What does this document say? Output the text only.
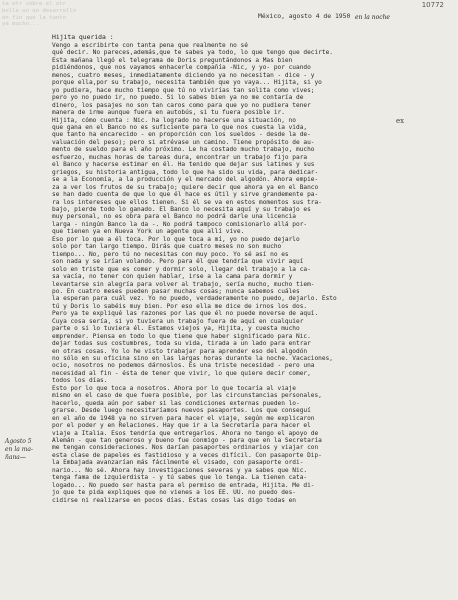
ta otr sobre el otr
bolle un un desarrollo
en fin que la tanto
ya mucho...
10772
México, agosto 4 de 1950 en la noche
Hijita querida :
ex

Vengo a escribirte con tanta pena que realmente no sé

qué decir. No pareces,además,que te sabes ya todo, lo que tengo que decirte.

Esta mañana llegó el telegrama de Doris preguntándonos a Mas bien

pidiéndonos, que nos vayamos enhacerle compañía -Nic, y yo- por cuando

menos, cuatro meses, inmediatamente diciendo ya no necesitan - dice - y

porque ella,por su trabajo, necesita también que yo vaya... Hijita, si yo

yo pudiera, hace mucho tiempo que tú no vivirías tan solita como vives;

pero yo no puedo ir, no puedo. Si lo sabes bien ya no me contaría de

dinero, los pasajes no son tan caros como para que yo no pudiera tener

manera de irme aunque fuera en autobús, si tu fuera posible ir.

Hijita, cómo cuenta : Nic. ha logrado no hacerse una situación, no

que gana en el Banco no es suficiente para lo que nos cuesta la vida,

que tanto ha encarecido - en proporción con los sueldos - desde la de-

valuación del peso); pero si atrévase un camino. Tiene propósito de au-

mento de sueldo para el año próximo. Le ha costado mucho trabajo, mucho

esfuerzo, muchas horas de tareas dura, encontrar un trabajo fijo para

el Banco y hacerse estimar en él. Ha tenido que dejar sus latines y sus

griegos, su historia antigua, todo lo que ha sido su vida, para dedicar-

se a la Economía, a la producción y el mercado del algodón. Ahora empie-

za a ver los frutos de su trabajo; quiere decir que ahora ya en el Banco

se han dado cuenta de que lo que él hace es útil y sirve grandemente pa-

ra los intereses que ellos tienen. Si él se va en estos momentos sus tra-

bajo, pierde todo lo ganado. El Banco lo necesita aquí y su trabajo es

muy personal, no es obra para el Banco no podrá darle una licencia

larga - ningún Banco la da -. No podrá tampoco comisionarlo allá por-

que tienen ya en Nueva York un agente que allí vive.

Eso por lo que a él toca. Por lo que toca a mí, yo no puedo dejarlo

solo por tan largo tiempo. Dirás que cuatro meses no son mucho

tiempo... No, pero tú no necesitas con muy poco. Yo sé así no es

son nada y se irían volando. Pero para él que tendría que vivir aquí

solo en triste que es comer y dormir solo, llegar del trabajo a la ca-

sa vacía, no tener con quien hablar, irse a la cama para dormir y

levantarse sin alegría para volver al trabajo, sería mucho, mucho tiem-

po. En cuatro meses pueden pasar muchas cosas; nunca sabemos cuáles

la esperan para cuál vez. Yo no puedo, verdaderamente no puedo, dejarlo. Esto

tú y Doris lo sabéis muy bien. Por eso ella me dice de irnos los dos.

Pero ya te expliqué las razones por las que él no puede moverse de aquí.

Cuya cosa sería, si yo tuviera un trabajo fuera de aquí en cualquier

parte o si lo tuviera él. Estamos viejos ya, Hijita, y cuesta mucho

emprender. Piensa en todo lo que tiene que haber significado para Nic.

dejar todas sus costumbres, toda su vida, tirada a un lado para entrar

en otras cosas. Yo lo he visto trabajar para aprender eso del algodón

no sólo en su oficina sino en las largas horas durante la noche. Vacaciones,

ocio, nosotros no podemos dárnoslos. Es una triste necesidad - pero una

necesidad al fin - ésta de tener que vivir, lo que quiere decir comer,

todos los días.

Esto por lo que toca a nosotros. Ahora por lo que tocaría al viaje

mismo en el caso de que fuera posible, por las circunstancias personales,

hacerlo, queda aún por saber si las condiciones externas pueden lo-

grarse. Desde luego necesitaríamos nuevos pasaportes. Los que conseguí

en el año de 1948 ya no sirven para hacer el viaje, según me explicaron

por el poder y en Relaciones. Hay que ir a la Secretaría para hacer el

viaje a Italia. Esos tendría que entregarlos. Ahora no tengo el apoyo de

Alemán - que tan generoso y bueno fue conmigo - para que en la Secretaría

me tengan consideraciones. Nos darían pasaportes ordinarios y viajar con

esta clase de papeles es fastidioso y a veces difícil. Con pasaporte Dip-

la Embajada avanzarían más fácilmente el visado, con pasaporte ordi-

nario... No sé. Ahora hay investigaciones severas y ya sabes que Nic.

tenga fama de izquierdista - y tú sabes que lo tenga. La tienen cata-

logado... No puedo ser hasta para el permiso de entrada, Hijita. Me di-

jo que te pida expliques que no vienes a los EE. UU. no puedo des-

cidirse ni realizarse en pocos días. Estas cosas las digo todas en

Agosto 5
en la ma-
ñana—
